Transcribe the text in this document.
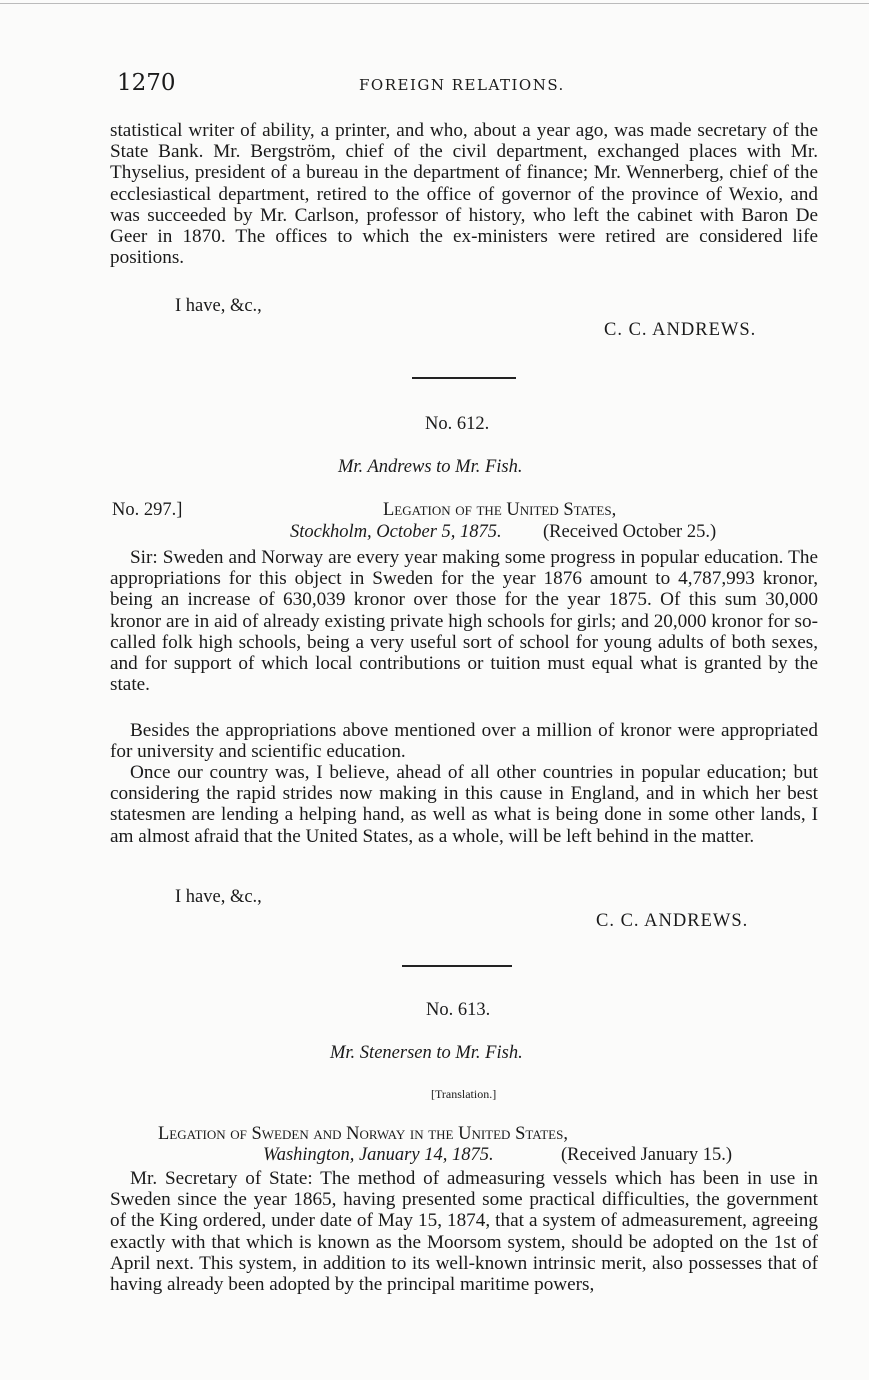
1270	FOREIGN RELATIONS.

statistical writer of ability, a printer, and who, about a year ago, was made secretary of the State Bank. Mr. Bergström, chief of the civil department, exchanged places with Mr. Thyselius, president of a bureau in the department of finance; Mr. Wennerberg, chief of the ecclesiastical department, retired to the office of governor of the province of Wexio, and was succeeded by Mr. Carlson, professor of history, who left the cabinet with Baron De Geer in 1870. The offices to which the ex-ministers were retired are considered life positions.

I have, &c.,
C. C. ANDREWS.
No. 612.
Mr. Andrews to Mr. Fish.
No. 297.]	Legation of the United States,
Stockholm, October 5, 1875. (Received October 25.)

Sir: Sweden and Norway are every year making some progress in popular education. The appropriations for this object in Sweden for the year 1876 amount to 4,787,993 kronor, being an increase of 630,039 kronor over those for the year 1875. Of this sum 30,000 kronor are in aid of already existing private high schools for girls; and 20,000 kronor for so-called folk high schools, being a very useful sort of school for young adults of both sexes, and for support of which local contributions or tuition must equal what is granted by the state.

Besides the appropriations above mentioned over a million of kronor were appropriated for university and scientific education.

Once our country was, I believe, ahead of all other countries in popular education; but considering the rapid strides now making in this cause in England, and in which her best statesmen are lending a helping hand, as well as what is being done in some other lands, I am almost afraid that the United States, as a whole, will be left behind in the matter.

I have, &c.,
C. C. ANDREWS.
No. 613.
Mr. Stenersen to Mr. Fish.
[Translation.]
Legation of Sweden and Norway in the United States,
Washington, January 14, 1875.	(Received January 15.)

Mr. Secretary of State: The method of admeasuring vessels which has been in use in Sweden since the year 1865, having presented some practical difficulties, the government of the King ordered, under date of May 15, 1874, that a system of admeasurement, agreeing exactly with that which is known as the Moorsom system, should be adopted on the 1st of April next. This system, in addition to its well-known intrinsic merit, also possesses that of having already been adopted by the principal maritime powers,
